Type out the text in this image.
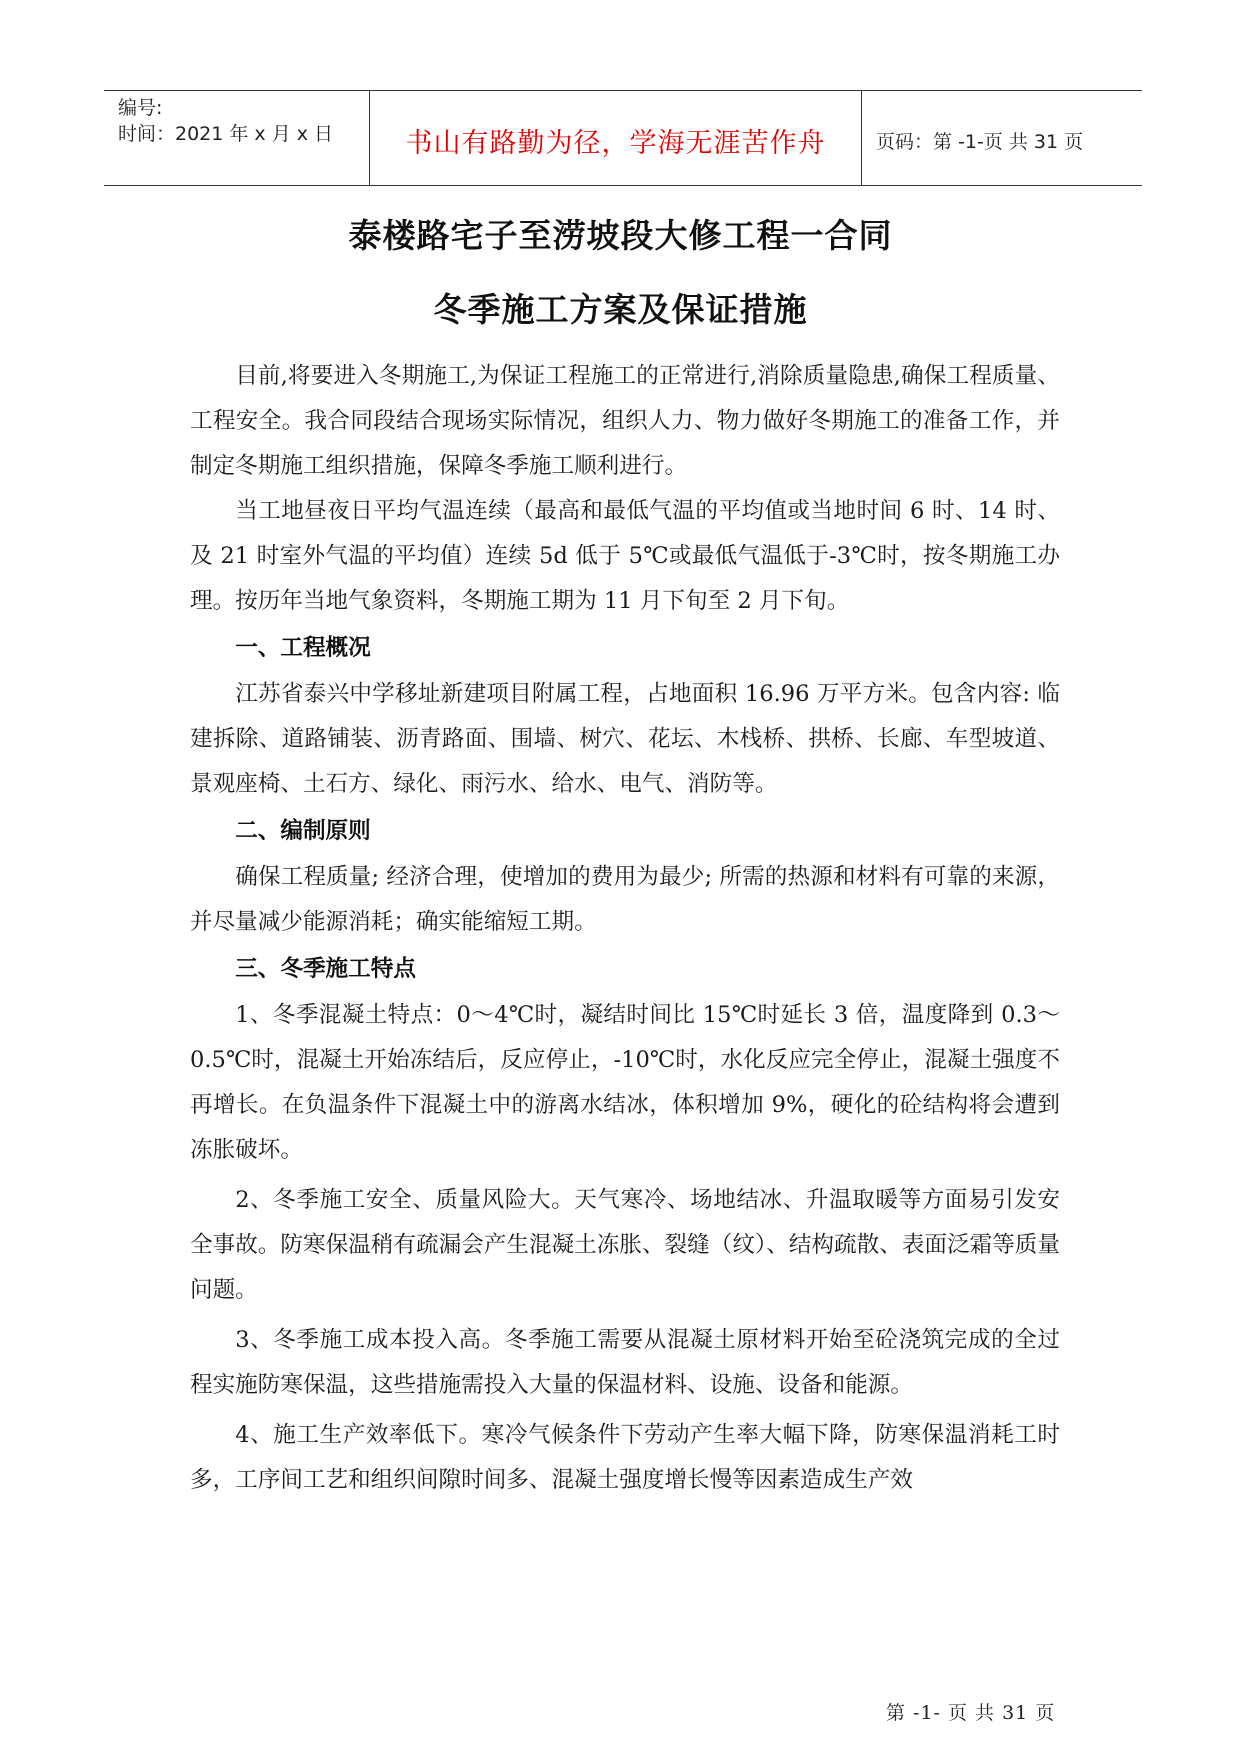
编号:
时间：2021 年 x 月 x 日	书山有路勤为径，学海无涯苦作舟	页码：第 -1-页 共 31 页
泰楼路宅子至涝坡段大修工程一合同
冬季施工方案及保证措施

目前,将要进入冬期施工,为保证工程施工的正常进行,消除质量隐患,确保工程质量、工程安全。我合同段结合现场实际情况，组织人力、物力做好冬期施工的准备工作，并制定冬期施工组织措施，保障冬季施工顺利进行。

当工地昼夜日平均气温连续（最高和最低气温的平均值或当地时间 6 时、14 时、及 21 时室外气温的平均值）连续 5d 低于 5℃或最低气温低于-3℃时，按冬期施工办理。按历年当地气象资料，冬期施工期为 11 月下旬至 2 月下旬。

一、工程概况

江苏省泰兴中学移址新建项目附属工程，占地面积 16.96 万平方米。包含内容: 临建拆除、道路铺装、沥青路面、围墙、树穴、花坛、木栈桥、拱桥、长廊、车型坡道、景观座椅、土石方、绿化、雨污水、给水、电气、消防等。

二、编制原则

确保工程质量; 经济合理，使增加的费用为最少; 所需的热源和材料有可靠的来源，并尽量减少能源消耗；确实能缩短工期。

三、冬季施工特点

1、冬季混凝土特点：0～4℃时，凝结时间比 15℃时延长 3 倍，温度降到 0.3～ 0.5℃时，混凝土开始冻结后，反应停止，-10℃时，水化反应完全停止，混凝土强度不再增长。在负温条件下混凝土中的游离水结冰，体积增加 9%，硬化的砼结构将会遭到冻胀破坏。

2、冬季施工安全、质量风险大。天气寒冷、场地结冰、升温取暖等方面易引发安全事故。防寒保温稍有疏漏会产生混凝土冻胀、裂缝（纹）、结构疏散、表面泛霜等质量问题。

3、冬季施工成本投入高。冬季施工需要从混凝土原材料开始至砼浇筑完成的全过程实施防寒保温，这些措施需投入大量的保温材料、设施、设备和能源。

4、施工生产效率低下。寒冷气候条件下劳动产生率大幅下降，防寒保温消耗工时多，工序间工艺和组织间隙时间多、混凝土强度增长慢等因素造成生产效

第 -1- 页 共 31 页
